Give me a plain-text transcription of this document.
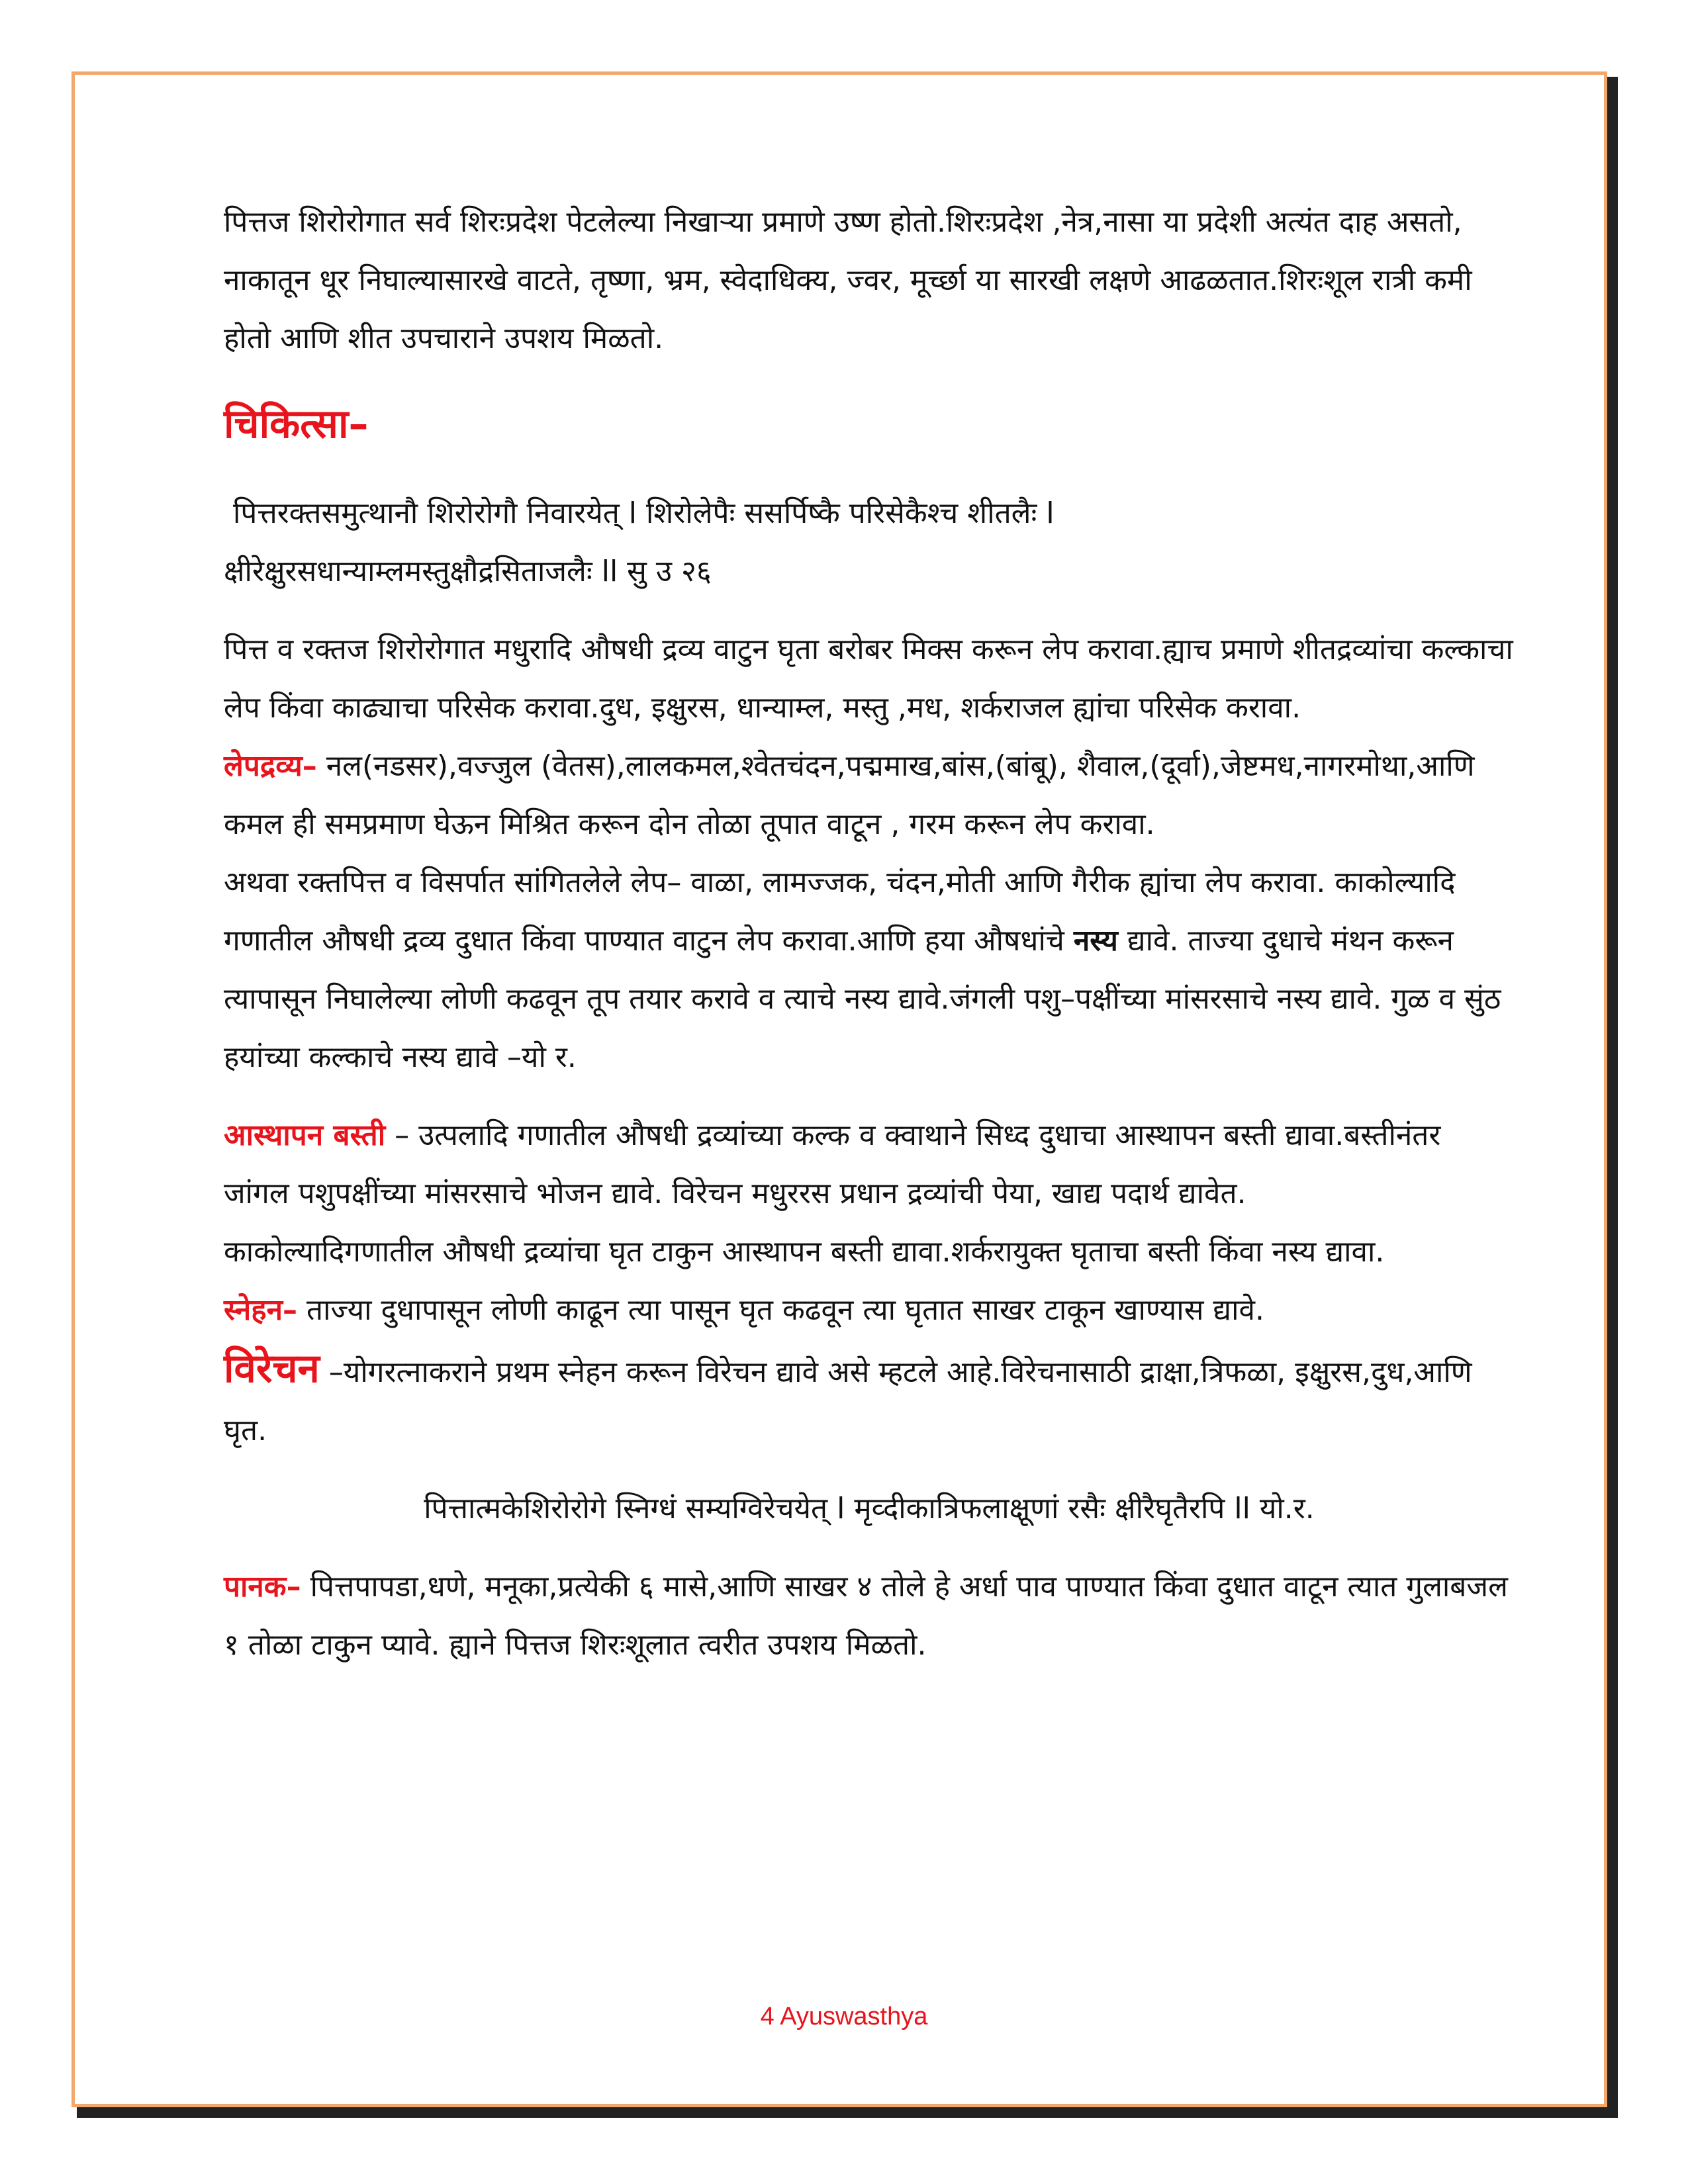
पित्तज शिरोरोगात सर्व शिरःप्रदेश पेटलेल्या निखाऱ्या प्रमाणे उष्ण होतो.शिरःप्रदेश ,नेत्र,नासा या प्रदेशी अत्यंत दाह असतो, नाकातून धूर निघाल्यासारखे वाटते, तृष्णा, भ्रम, स्वेदाधिक्य, ज्वर, मूर्च्छा या सारखी लक्षणे आढळतात.शिरःशूल रात्री कमी होतो आणि शीत उपचाराने उपशय मिळतो.

चिकित्सा–

पित्तरक्तसमुत्थानौ शिरोरोगौ निवारयेत् l शिरोलेपैः ससर्पिष्कै परिसेकैश्च शीतलैः l

क्षीरेक्षुरसधान्याम्लमस्तुक्षौद्रसिताजलैः ll सु उ २६

पित्त व रक्तज शिरोरोगात मधुरादि औषधी द्रव्य वाटुन घृता बरोबर मिक्स करून लेप करावा.ह्याच प्रमाणे शीतद्रव्यांचा कल्काचा लेप किंवा काढ्याचा परिसेक करावा.दुध, इक्षुरस, धान्याम्ल, मस्तु ,मध, शर्कराजल ह्यांचा परिसेक करावा.

लेपद्रव्य– नल(नडसर),वज्जुल (वेतस),लालकमल,श्वेतचंदन,पद्ममाख,बांस,(बांबू), शैवाल,(दूर्वा),जेष्टमध,नागरमोथा,आणि कमल ही समप्रमाण घेऊन मिश्रित करून दोन तोळा तूपात वाटून , गरम करून लेप करावा.

अथवा रक्तपित्त व विसर्पात सांगितलेले लेप– वाळा, लामज्जक, चंदन,मोती आणि गैरीक ह्यांचा लेप करावा. काकोल्यादि गणातील औषधी द्रव्य दुधात किंवा पाण्यात वाटुन लेप करावा.आणि हया औषधांचे नस्य द्यावे. ताज्या दुधाचे मंथन करून त्यापासून निघालेल्या लोणी कढवून तूप तयार करावे व त्याचे नस्य द्यावे.जंगली पशु–पक्षींच्या मांसरसाचे नस्य द्यावे. गुळ व सुंठ हयांच्या कल्काचे नस्य द्यावे –यो र.

आस्थापन बस्ती – उत्पलादि गणातील औषधी द्रव्यांच्या कल्क व क्वाथाने सिध्द दुधाचा आस्थापन बस्ती द्यावा.बस्तीनंतर जांगल पशुपक्षींच्या मांसरसाचे भोजन द्यावे. विरेचन मधुररस प्रधान द्रव्यांची पेया, खाद्य पदार्थ द्यावेत.

काकोल्यादिगणातील औषधी द्रव्यांचा घृत टाकुन आस्थापन बस्ती द्यावा.शर्करायुक्त घृताचा बस्ती किंवा नस्य द्यावा.

स्नेहन– ताज्या दुधापासून लोणी काढून त्या पासून घृत कढवून त्या घृतात साखर टाकून खाण्यास द्यावे.

विरेचन –योगरत्नाकराने प्रथम स्नेहन करून विरेचन द्यावे असे म्हटले आहे.विरेचनासाठी द्राक्षा,त्रिफळा, इक्षुरस,दुध,आणि घृत.

पित्तात्मकेशिरोरोगे स्निग्धं सम्यग्विरेचयेत् l मृव्दीकात्रिफलाक्षूणां रसैः क्षीरैघृतैरपि ll यो.र.

पानक– पित्तपापडा,धणे, मनूका,प्रत्येकी ६ मासे,आणि साखर ४ तोले हे अर्धा पाव पाण्यात किंवा दुधात वाटून त्यात गुलाबजल १ तोळा टाकुन प्यावे. ह्याने पित्तज शिरःशूलात त्वरीत उपशय मिळतो.

4 Ayuswasthya
